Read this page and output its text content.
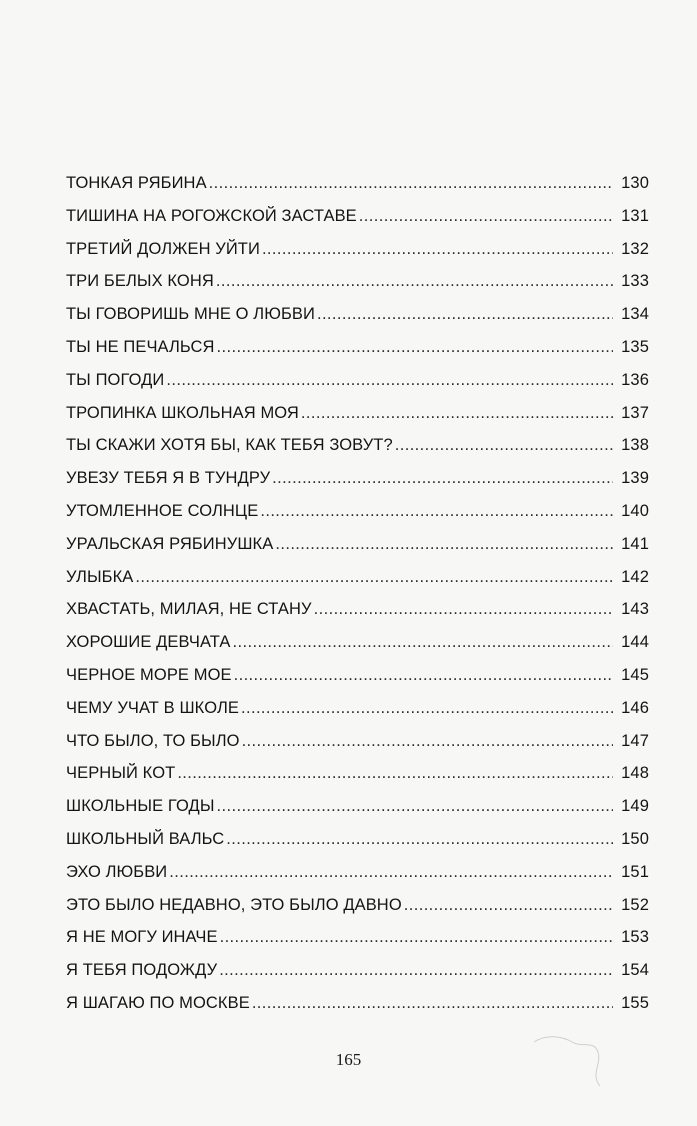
ТОНКАЯ РЯБИНА .....	130
ТИШИНА НА РОГОЖСКОЙ ЗАСТАВЕ .....	131
ТРЕТИЙ ДОЛЖЕН УЙТИ .....	132
ТРИ БЕЛЫХ КОНЯ .....	133
ТЫ ГОВОРИШЬ МНЕ О ЛЮБВИ .....	134
ТЫ НЕ ПЕЧАЛЬСЯ .....	135
ТЫ ПОГОДИ .....	136
ТРОПИНКА ШКОЛЬНАЯ МОЯ .....	137
ТЫ СКАЖИ ХОТЯ БЫ, КАК ТЕБЯ ЗОВУТ? .....	138
УВЕЗУ ТЕБЯ Я В ТУНДРУ .....	139
УТОМЛЕННОЕ СОЛНЦЕ .....	140
УРАЛЬСКАЯ РЯБИНУШКА .....	141
УЛЫБКА .....	142
ХВАСТАТЬ, МИЛАЯ, НЕ СТАНУ .....	143
ХОРОШИЕ ДЕВЧАТА .....	144
ЧЕРНОЕ МОРЕ МОЕ .....	145
ЧЕМУ УЧАТ В ШКОЛЕ .....	146
ЧТО БЫЛО, ТО БЫЛО .....	147
ЧЕРНЫЙ КОТ .....	148
ШКОЛЬНЫЕ ГОДЫ .....	149
ШКОЛЬНЫЙ ВАЛЬС .....	150
ЭХО ЛЮБВИ .....	151
ЭТО БЫЛО НЕДАВНО, ЭТО БЫЛО ДАВНО .....	152
Я НЕ МОГУ ИНАЧЕ .....	153
Я ТЕБЯ ПОДОЖДУ .....	154
Я ШАГАЮ ПО МОСКВЕ .....	155
165
